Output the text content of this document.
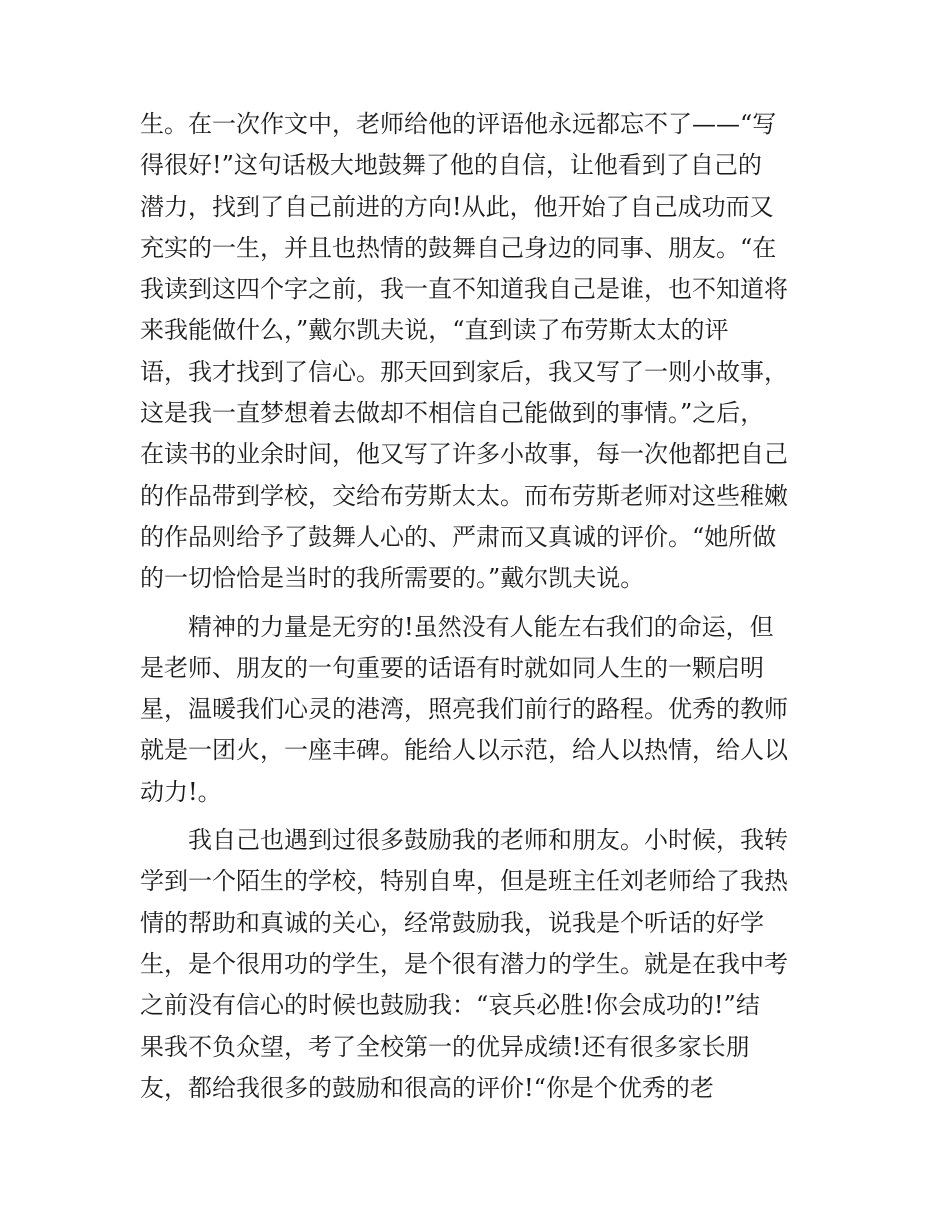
生。在一次作文中，老师给他的评语他永远都忘不了——“写
得很好!”这句话极大地鼓舞了他的自信，让他看到了自己的
潜力，找到了自己前进的方向!从此，他开始了自己成功而又
充实的一生，并且也热情的鼓舞自己身边的同事、朋友。“在
我读到这四个字之前，我一直不知道我自己是谁，也不知道将
来我能做什么，”戴尔凯夫说，“直到读了布劳斯太太的评
语，我才找到了信心。那天回到家后，我又写了一则小故事，
这是我一直梦想着去做却不相信自己能做到的事情。”之后，
在读书的业余时间，他又写了许多小故事，每一次他都把自己
的作品带到学校，交给布劳斯太太。而布劳斯老师对这些稚嫩
的作品则给予了鼓舞人心的、严肃而又真诚的评价。“她所做
的一切恰恰是当时的我所需要的。”戴尔凯夫说。
精神的力量是无穷的!虽然没有人能左右我们的命运，但
是老师、朋友的一句重要的话语有时就如同人生的一颗启明
星，温暖我们心灵的港湾，照亮我们前行的路程。优秀的教师
就是一团火，一座丰碑。能给人以示范，给人以热情，给人以
动力!。
我自己也遇到过很多鼓励我的老师和朋友。小时候，我转
学到一个陌生的学校，特别自卑，但是班主任刘老师给了我热
情的帮助和真诚的关心，经常鼓励我，说我是个听话的好学
生，是个很用功的学生，是个很有潜力的学生。就是在我中考
之前没有信心的时候也鼓励我：“哀兵必胜!你会成功的!”结
果我不负众望，考了全校第一的优异成绩!还有很多家长朋
友，都给我很多的鼓励和很高的评价!“你是个优秀的老
